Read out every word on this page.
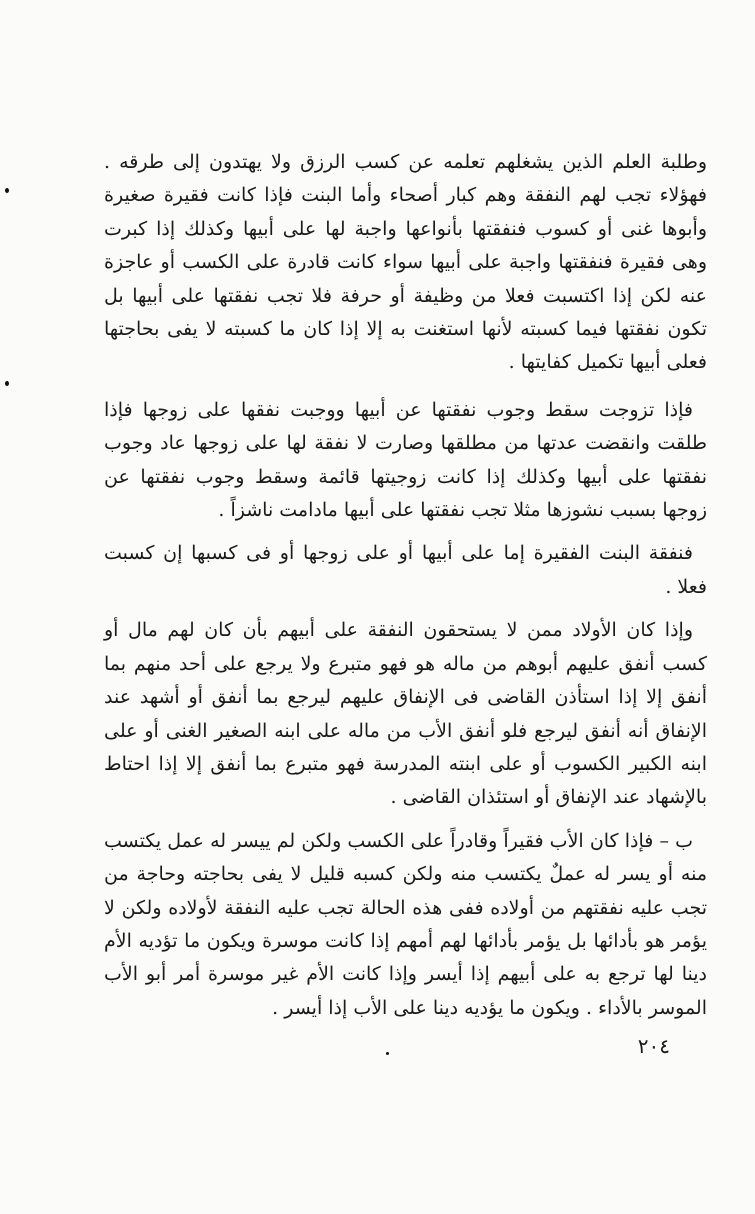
وطلبة العلم الذين يشغلهم تعلمه عن كسب الرزق ولا يهتدون إلى طرقه . فهؤلاء تجب لهم النفقة وهم كبار أصحاء وأما البنت فإذا كانت فقيرة صغيرة وأبوها غنى أو كسوب فنفقتها بأنواعها واجبة لها على أبيها وكذلك إذا كبرت وهى فقيرة فنفقتها واجبة على أبيها سواء كانت قادرة على الكسب أو عاجزة عنه لكن إذا اكتسبت فعلا من وظيفة أو حرفة فلا تجب نفقتها على أبيها بل تكون نفقتها فيما كسبته لأنها استغنت به إلا إذا كان ما كسبته لا يفى بحاجتها فعلى أبيها تكميل كفايتها .

فإذا تزوجت سقط وجوب نفقتها عن أبيها ووجبت نفقها على زوجها فإذا طلقت وانقضت عدتها من مطلقها وصارت لا نفقة لها على زوجها عاد وجوب نفقتها على أبيها وكذلك إذا كانت زوجيتها قائمة وسقط وجوب نفقتها عن زوجها بسبب نشوزها مثلا تجب نفقتها على أبيها مادامت ناشزاً .

فنفقة البنت الفقيرة إما على أبيها أو على زوجها أو فى كسبها إن كسبت فعلا .

وإذا كان الأولاد ممن لا يستحقون النفقة على أبيهم بأن كان لهم مال أو كسب أنفق عليهم أبوهم من ماله هو فهو متبرع ولا يرجع على أحد منهم بما أنفق إلا إذا استأذن القاضى فى الإنفاق عليهم ليرجع بما أنفق أو أشهد عند الإنفاق أنه أنفق ليرجع فلو أنفق الأب من ماله على ابنه الصغير الغنى أو على ابنه الكبير الكسوب أو على ابنته المدرسة فهو متبرع بما أنفق إلا إذا احتاط بالإشهاد عند الإنفاق أو استئذان القاضى .

ب – فإذا كان الأب فقيراً وقادراً على الكسب ولكن لم ييسر له عمل يكتسب منه أو يسر له عملٌ يكتسب منه ولكن كسبه قليل لا يفى بحاجته وحاجة من تجب عليه نفقتهم من أولاده ففى هذه الحالة تجب عليه النفقة لأولاده ولكن لا يؤمر هو بأدائها بل يؤمر بأدائها لهم أمهم إذا كانت موسرة ويكون ما تؤديه الأم دينا لها ترجع به على أبيهم إذا أيسر وإذا كانت الأم غير موسرة أمر أبو الأب الموسر بالأداء . ويكون ما يؤديه دينا على الأب إذا أيسر .

٢٠٤
